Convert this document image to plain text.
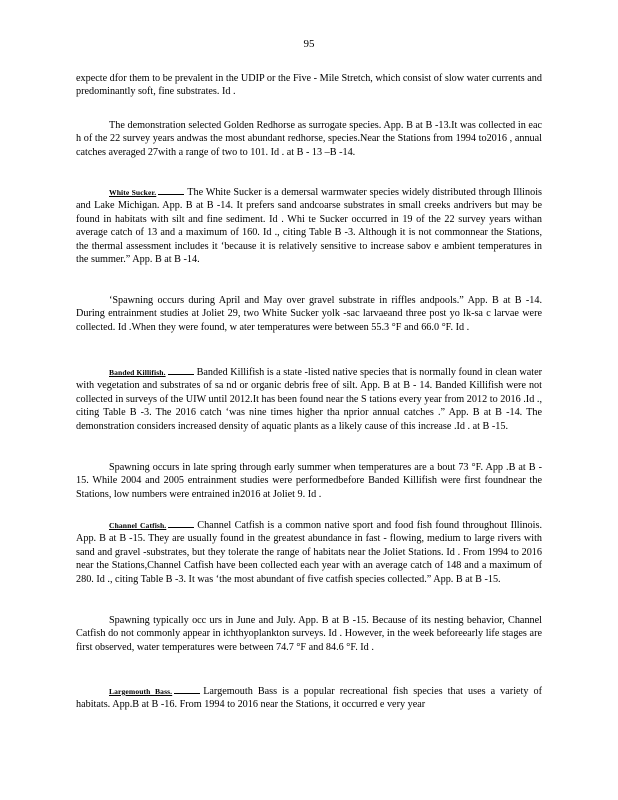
95

expecte dfor them to be prevalent in the UDIP or the Five - Mile Stretch, which consist of slow water currents and predominantly soft, fine substrates. Id .

The demonstration selected Golden Redhorse as surrogate species. App. B at B -13.It was collected in eac h of the 22 survey years andwas the most abundant redhorse, species.Near the Stations from 1994 to2016 , annual catches averaged 27with a range of two to 101. Id . at B - 13 –B -14.

White Sucker.	The White Sucker is a demersal warmwater species widely distributed through Illinois and Lake Michigan. App. B at B -14. It prefers sand andcoarse substrates in small creeks andrivers but may be found in habitats with silt and fine sediment. Id . Whi te Sucker occurred in 19 of the 22 survey years withan average catch of 13 and a maximum of 160. Id ., citing Table B -3. Although it is not commonnear the Stations, the thermal assessment includes it ‘because it is relatively sensitive to increase sabov e ambient temperatures in the summer.” App. B at B -14.

‘Spawning occurs during April and May over gravel substrate in riffles andpools.” App. B at B -14. During entrainment studies at Joliet 29, two White Sucker yolk -sac larvaeand three post yo lk-sa c larvae were collected. Id .When they were found, w ater temperatures were between 55.3 °F and 66.0 °F. Id .

Banded Killifish.	Banded Killifish is a state -listed native species that is normally found in clean water with vegetation and substrates of sa nd or organic debris free of silt. App. B at B - 14. Banded Killifish were not collected in surveys of the UIW until 2012.It has been found near the S tations every year from 2012 to 2016 .Id ., citing Table B -3. The 2016 catch ‘was nine times higher tha nprior annual catches .” App. B at B -14. The demonstration considers increased density of aquatic plants as a likely cause of this increase .Id . at B -15.

Spawning occurs in late spring through early summer when temperatures are a bout 73 °F. App .B at B - 15. While 2004 and 2005 entrainment studies were performedbefore Banded Killifish were first foundnear the Stations, low numbers were entrained in2016 at Joliet 9. Id .

Channel Catfish.	Channel Catfish is a common native sport and food fish found throughout Illinois. App. B at B -15. They are usually found in the greatest abundance in fast - flowing, medium to large rivers with sand and gravel -substrates, but they tolerate the range of habitats near the Joliet Stations. Id . From 1994 to 2016 near the Stations,Channel Catfish have been collected each year with an average catch of 148 and a maximum of 280. Id ., citing Table B -3. It was ‘the most abundant of five catfish species collected.” App. B at B -15.

Spawning typically occ urs in June and July. App. B at B -15. Because of its nesting behavior, Channel Catfish do not commonly appear in ichthyoplankton surveys. Id . However, in the week beforeearly life stages are first observed, water temperatures were between 74.7 °F and 84.6 °F. Id .

Largemouth Bass.	Largemouth Bass is a popular recreational fish species that uses a variety of habitats. App.B at B -16. From 1994 to 2016 near the Stations, it occurred e very year
